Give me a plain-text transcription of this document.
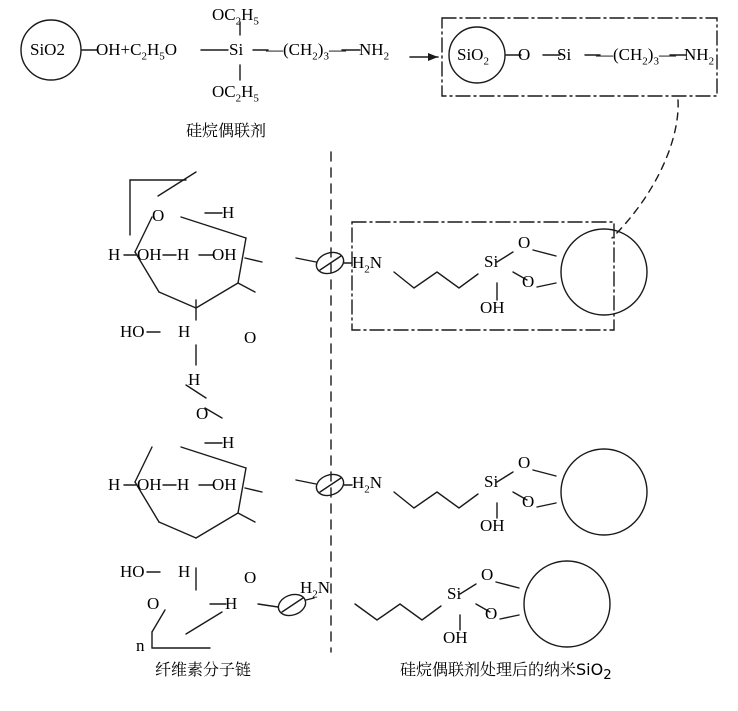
SiO2 $OH+C_2H_5O$	Si
$OC_2H_5$
$OC_2H_5$
$—(CH_2)_3—$ $NH_2$	SiO$_2$ O Si $—(CH_2)_3—$ $NH_2$
硅烷偶联剂
O	H
H OH H OH
HO H	O
H
O
H
H OH H OH
HO H	O
O	H
n
$H_2N$	Si
O
O
OH
$H_2N$	Si
O
O
OH
$H_2N$	Si
O
O
OH
纤维素分子链	硅烷偶联剂处理后的纳米SiO$_2$
